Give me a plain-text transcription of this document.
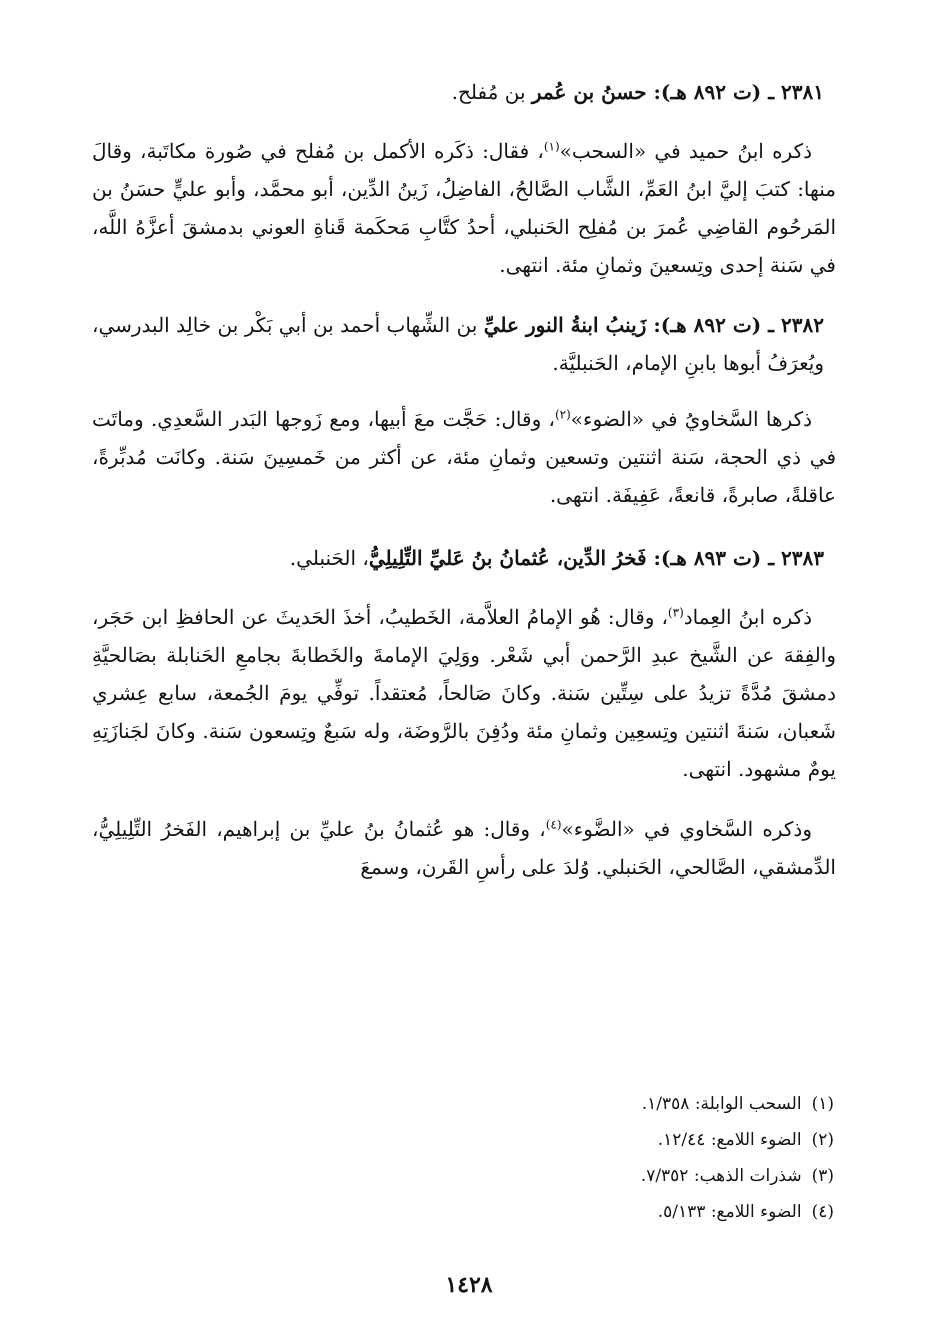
٢٣٨١ ـ (ت ٨٩٢ هـ): حسنُ بن عُمر بن مُفلح.
ذكره ابنُ حميد في «السحب»$^{(١)}$، فقال: ذكَره الأكمل بن مُفلح في صُورة مكاتَبة، وقالَ منها: كتبَ إليَّ ابنُ العَمِّ، الشَّاب الصَّالحُ، الفاضِلُ، زَينُ الدِّين، أبو محمَّد، وأبو عليٍّ حسَنُ بن المَرحُوم القاضِي عُمرَ بن مُفلِح الحَنبلي، أحدُ كتَّابِ مَحكَمة قَناةِ العوني بدمشقَ أعزَّهُ اللَّه، في سَنة إحدى وتِسعينَ وثمانِ مئة. انتهى.
٢٣٨٢ ـ (ت ٨٩٢ هـ): زَينبُ ابنةُ النور عليِّ بن الشِّهاب أحمد بن أبي بَكْر بن خالِد البدرسي، ويُعرَفُ أبوها بابنِ الإمام، الحَنبليَّة.
ذكرها السَّخاويُ في «الضوء»$^{(٢)}$، وقال: حَجَّت معَ أبيها، ومع زَوجها البَدر السَّعدِي. وماتَت في ذي الحجة، سَنة اثنتين وتسعين وثمانِ مئة، عن أكثر من خَمسِينَ سَنة. وكانَت مُدبِّرةً، عاقلةً، صابرةً، قانعةً، عَفِيفَة. انتهى.
٢٣٨٣ ـ (ت ٨٩٣ هـ): فَخرُ الدِّين، عُثمانُ بنُ عَليِّ التِّلِيلِيُّ، الحَنبلي.
ذكره ابنُ العِماد$^{(٣)}$، وقال: هُو الإمامُ العلاَّمة، الخَطيبُ، أخذَ الحَديثَ عن الحافظِ ابن حَجَر، والفِقهَ عن الشَّيخ عبدِ الرَّحمن أبي شَعْر. ووَلِيَ الإمامةَ والخَطابةَ بجامعِ الحَنابلة بصَالحيَّةِ دمشقَ مُدَّةً تزيدُ على سِتِّين سَنة. وكانَ صَالحاً، مُعتقداً. توفِّي يومَ الجُمعة، سابع عِشري شَعبان، سَنةَ اثنتين وتِسعِين وثمانِ مئة ودُفِنَ بالرَّوضَة، وله سَبعٌ وتِسعون سَنة. وكانَ لجَنازَتِهِ يومٌ مشهود. انتهى.
وذكره السَّخاوي في «الضَّوء»$^{(٤)}$، وقال: هو عُثمانُ بنُ عليِّ بن إبراهيم، الفَخرُ التِّلِيلِيُّ، الدِّمشقي، الصَّالحي، الحَنبلي. وُلدَ على رأسِ القَرن، وسمعَ
(١)السحب الوابلة: ١/٣٥٨.
(٢)الضوء اللامع: ١٢/٤٤.
(٣)شذرات الذهب: ٧/٣٥٢.
(٤)الضوء اللامع: ٥/١٣٣.
١٤٢٨
